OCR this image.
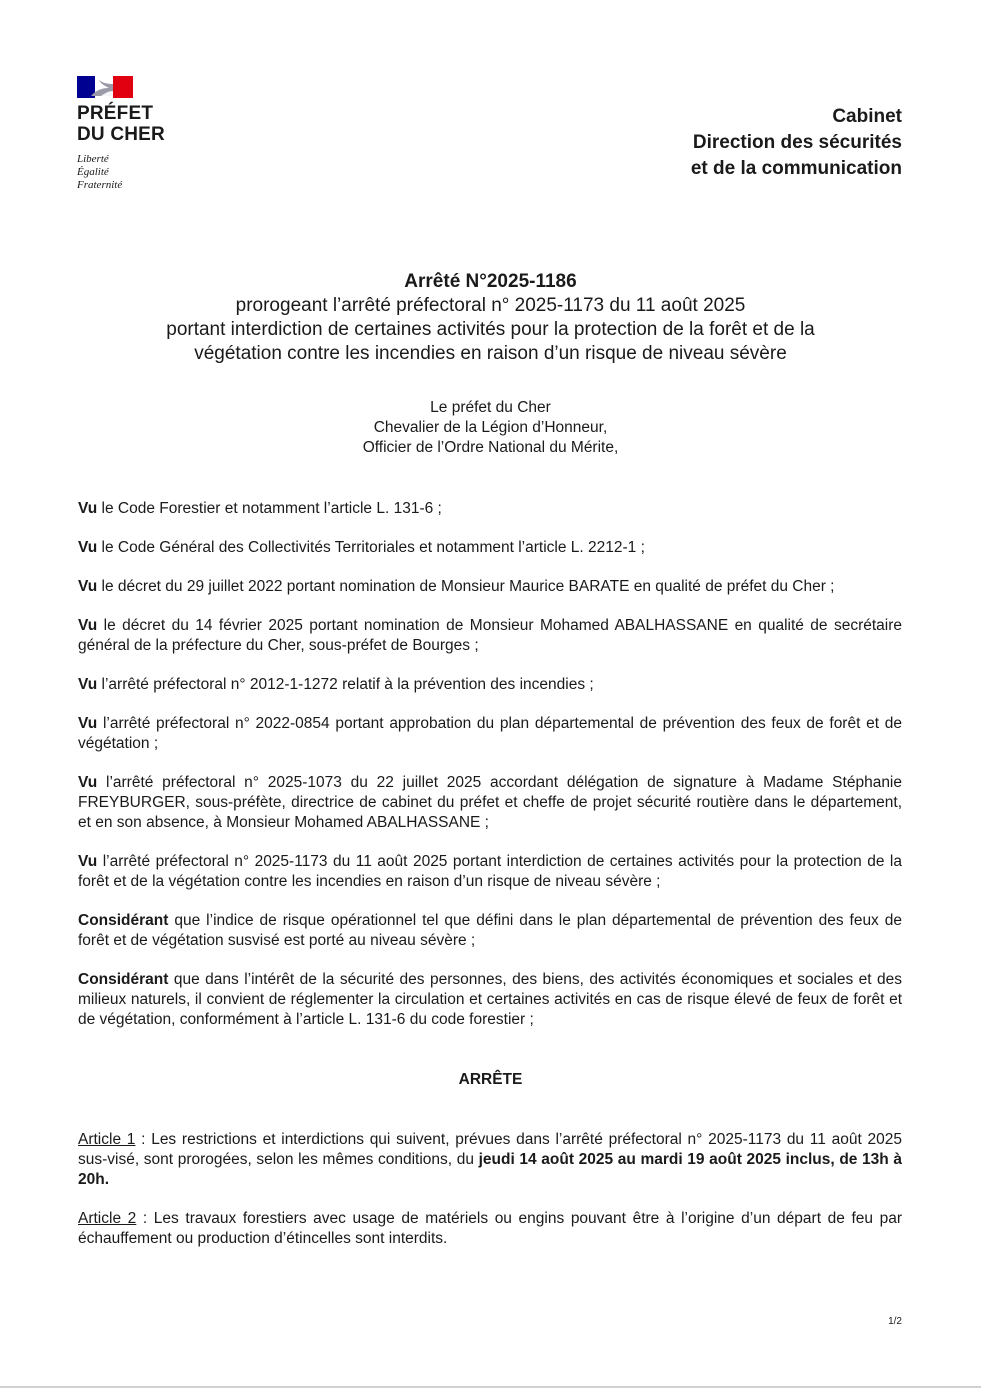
PRÉFET
DU CHER
Liberté
Égalité
Fraternité
Cabinet
Direction des sécurités
et de la communication
Arrêté N°2025-1186
prorogeant l’arrêté préfectoral n° 2025-1173 du 11 août 2025
portant interdiction de certaines activités pour la protection de la forêt et de la
végétation contre les incendies en raison d’un risque de niveau sévère
Le préfet du Cher
Chevalier de la Légion d’Honneur,
Officier de l’Ordre National du Mérite,

Vu le Code Forestier et notamment l’article L. 131-6 ;

Vu le Code Général des Collectivités Territoriales et notamment l’article L. 2212-1 ;

Vu le décret du 29 juillet 2022 portant nomination de Monsieur Maurice BARATE en qualité de préfet du Cher ;

Vu le décret du 14 février 2025 portant nomination de Monsieur Mohamed ABALHASSANE en qualité de secrétaire général de la préfecture du Cher, sous-préfet de Bourges ;

Vu l’arrêté préfectoral n° 2012-1-1272 relatif à la prévention des incendies ;

Vu l’arrêté préfectoral n° 2022-0854 portant approbation du plan départemental de prévention des feux de forêt et de végétation ;

Vu l’arrêté préfectoral n° 2025-1073 du 22 juillet 2025 accordant délégation de signature à Madame Stéphanie FREYBURGER, sous-préfète, directrice de cabinet du préfet et cheffe de projet sécurité routière dans le département, et en son absence, à Monsieur Mohamed ABALHASSANE ;

Vu l’arrêté préfectoral n° 2025-1173 du 11 août 2025 portant interdiction de certaines activités pour la protection de la forêt et de la végétation contre les incendies en raison d’un risque de niveau sévère ;

Considérant que l’indice de risque opérationnel tel que défini dans le plan départemental de prévention des feux de forêt et de végétation susvisé est porté au niveau sévère ;

Considérant que dans l’intérêt de la sécurité des personnes, des biens, des activités économiques et sociales et des milieux naturels, il convient de réglementer la circulation et certaines activités en cas de risque élevé de feux de forêt et de végétation, conformément à l’article L. 131-6 du code forestier ;

ARRÊTE

Article 1 : Les restrictions et interdictions qui suivent, prévues dans l’arrêté préfectoral n° 2025-1173 du 11 août 2025 sus-visé, sont prorogées, selon les mêmes conditions, du jeudi 14 août 2025 au mardi 19 août 2025 inclus, de 13h à 20h.

Article 2 : Les travaux forestiers avec usage de matériels ou engins pouvant être à l’origine d’un départ de feu par échauffement ou production d’étincelles sont interdits.

1/2
